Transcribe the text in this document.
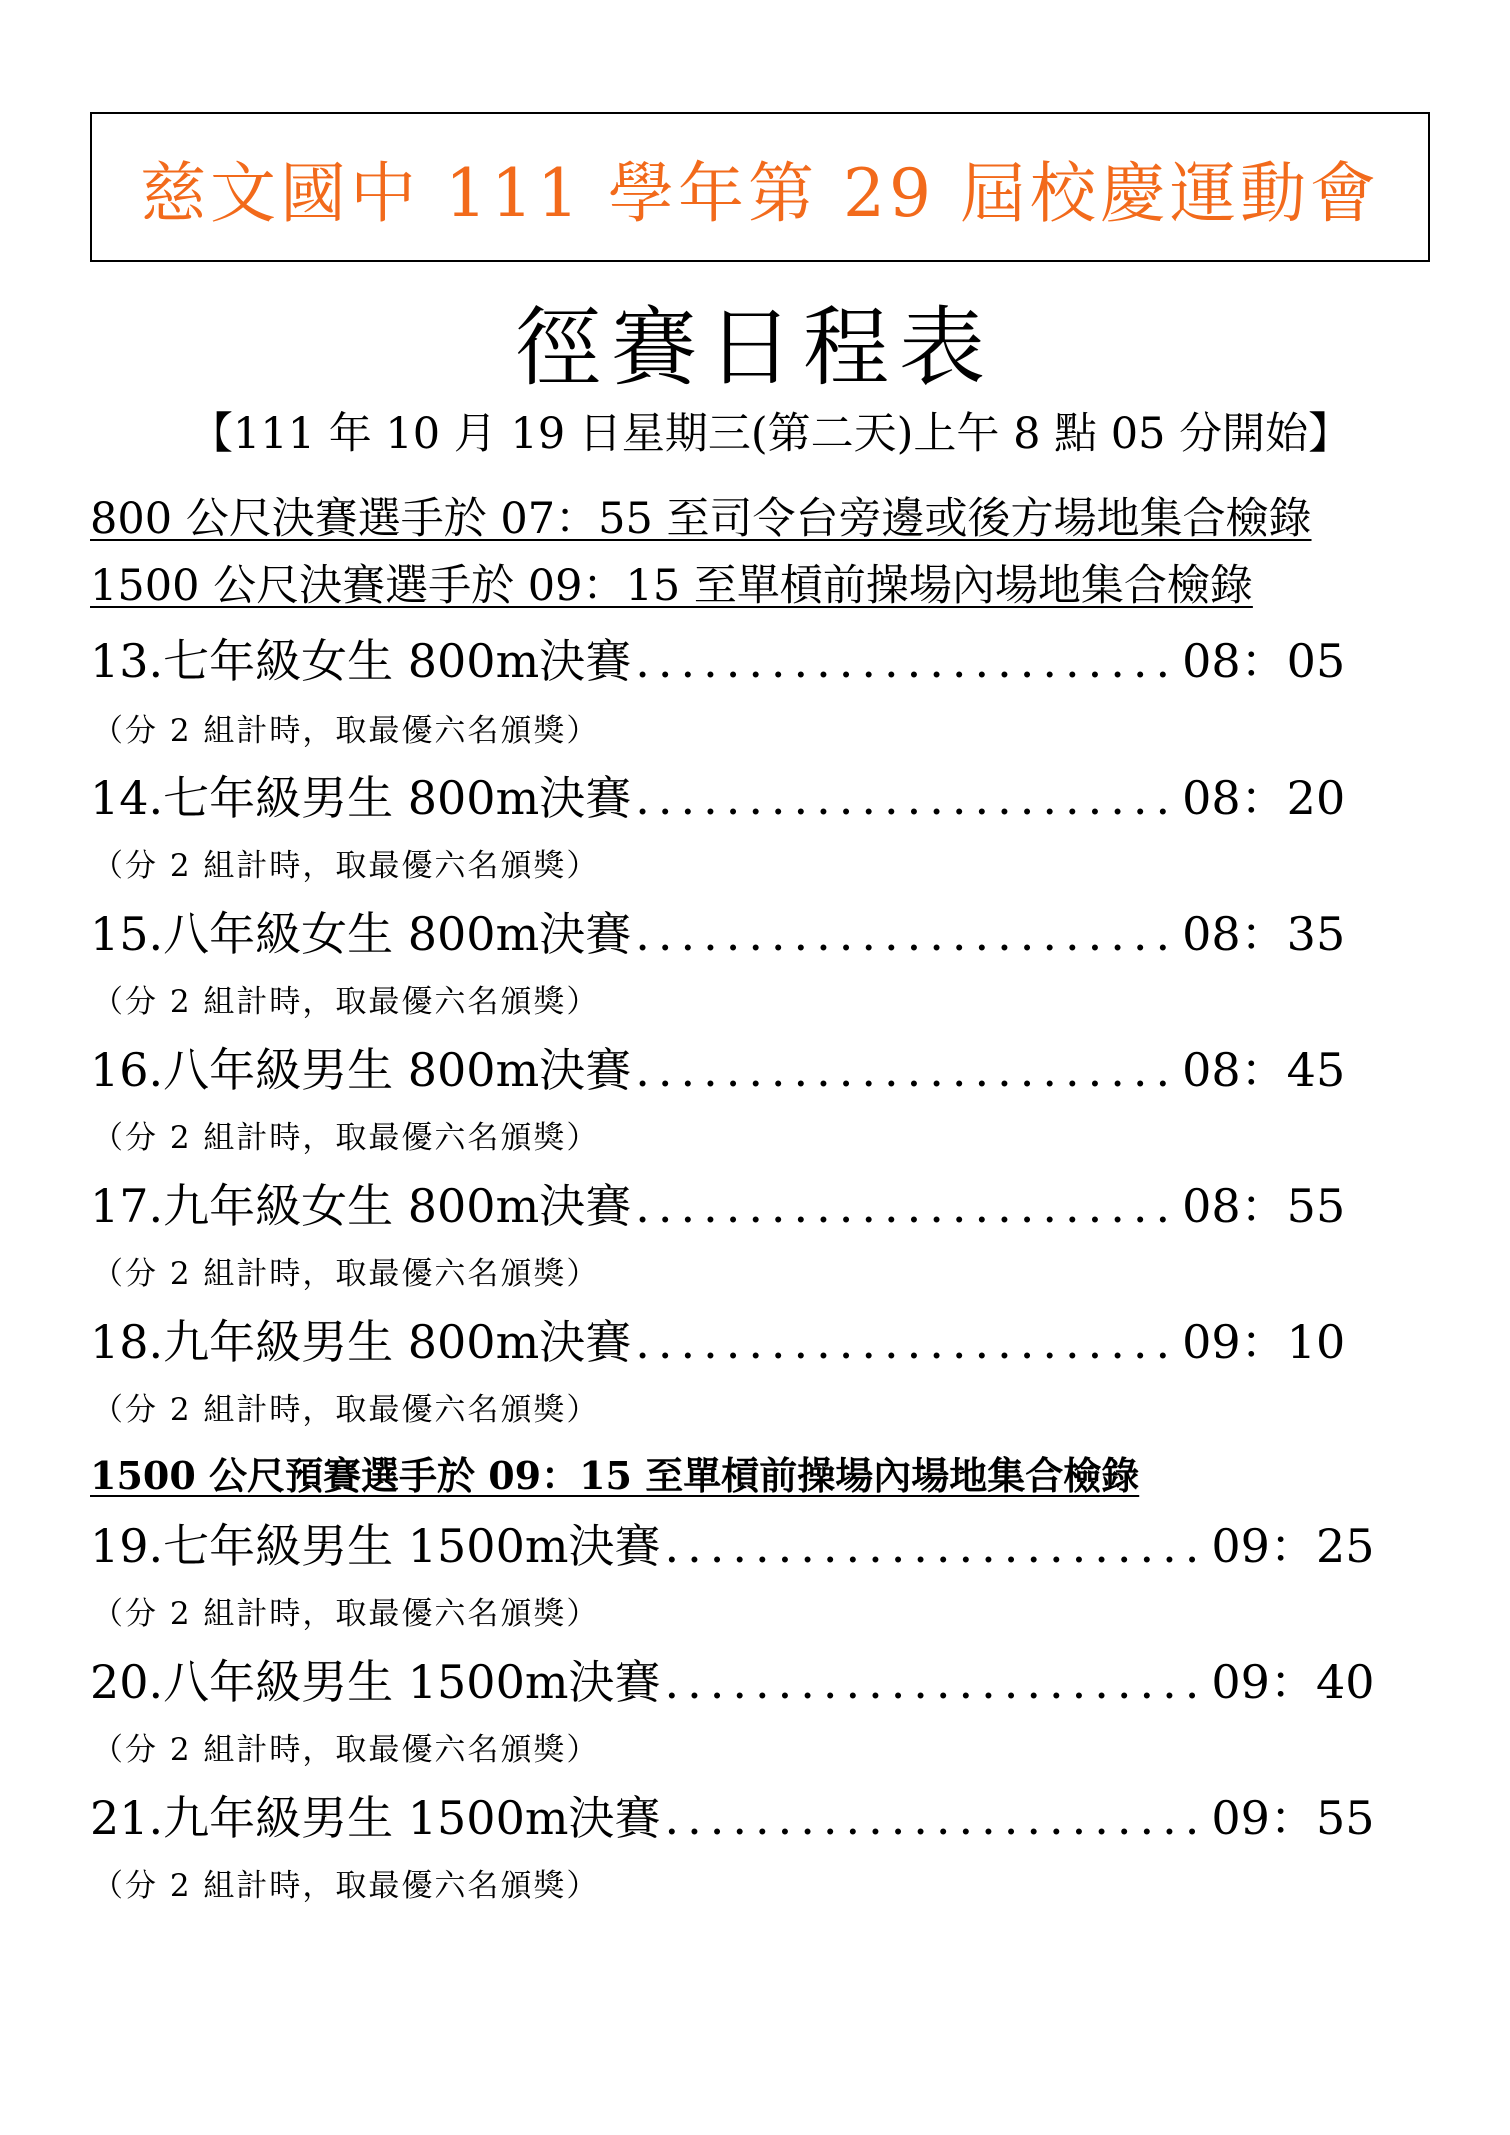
慈文國中 111 學年第 29 屆校慶運動會
徑賽日程表
【111 年 10 月 19 日星期三(第二天)上午 8 點 05 分開始】
800 公尺決賽選手於 07：55 至司令台旁邊或後方場地集合檢錄
1500 公尺決賽選手於 09：15 至單槓前操場內場地集合檢錄
13. 七年級女生 800m決賽 ........................ 08：05
（分 2 組計時，取最優六名頒獎）
14. 七年級男生 800m決賽 ........................ 08：20
（分 2 組計時，取最優六名頒獎）
15. 八年級女生 800m決賽 ........................ 08：35
（分 2 組計時，取最優六名頒獎）
16. 八年級男生 800m決賽 ........................ 08：45
（分 2 組計時，取最優六名頒獎）
17. 九年級女生 800m決賽 ........................ 08：55
（分 2 組計時，取最優六名頒獎）
18. 九年級男生 800m決賽 ........................ 09：10
（分 2 組計時，取最優六名頒獎）
1500 公尺預賽選手於 09：15 至單槓前操場內場地集合檢錄
19. 七年級男生 1500m決賽 ........................ 09：25
（分 2 組計時，取最優六名頒獎）
20. 八年級男生 1500m決賽 ........................ 09：40
（分 2 組計時，取最優六名頒獎）
21. 九年級男生 1500m決賽 ........................ 09：55
（分 2 組計時，取最優六名頒獎）
